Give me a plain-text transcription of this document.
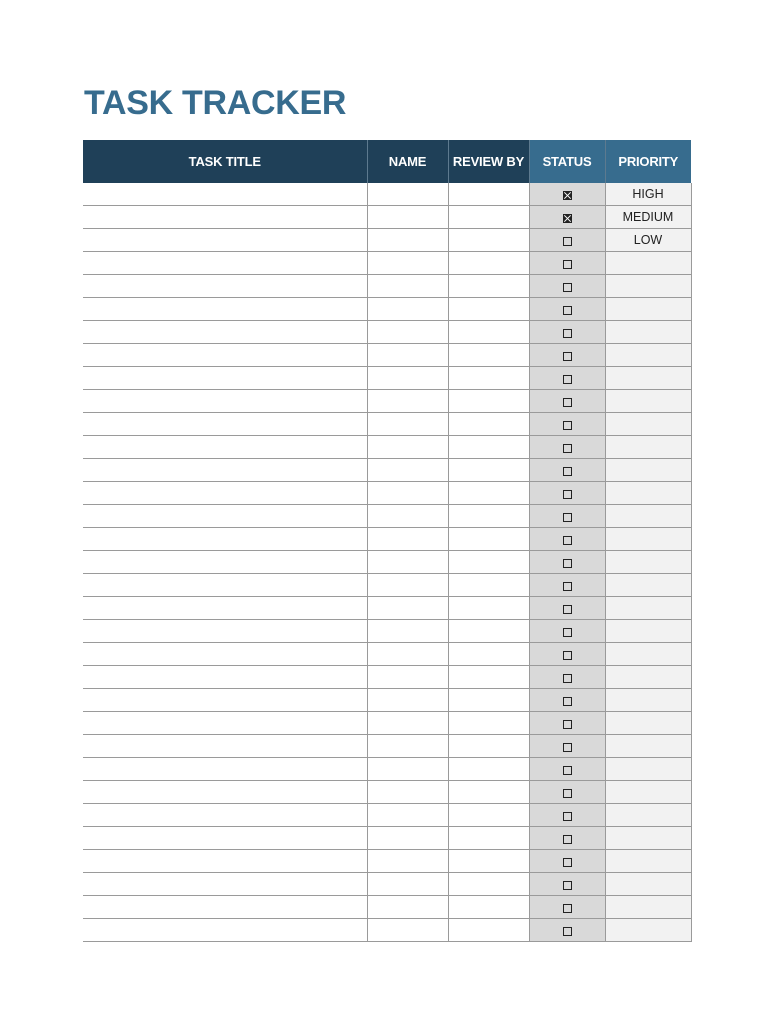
TASK TRACKER
TASK TITLE	NAME	REVIEW BY	STATUS	PRIORITY
				HIGH
				MEDIUM
				LOW
